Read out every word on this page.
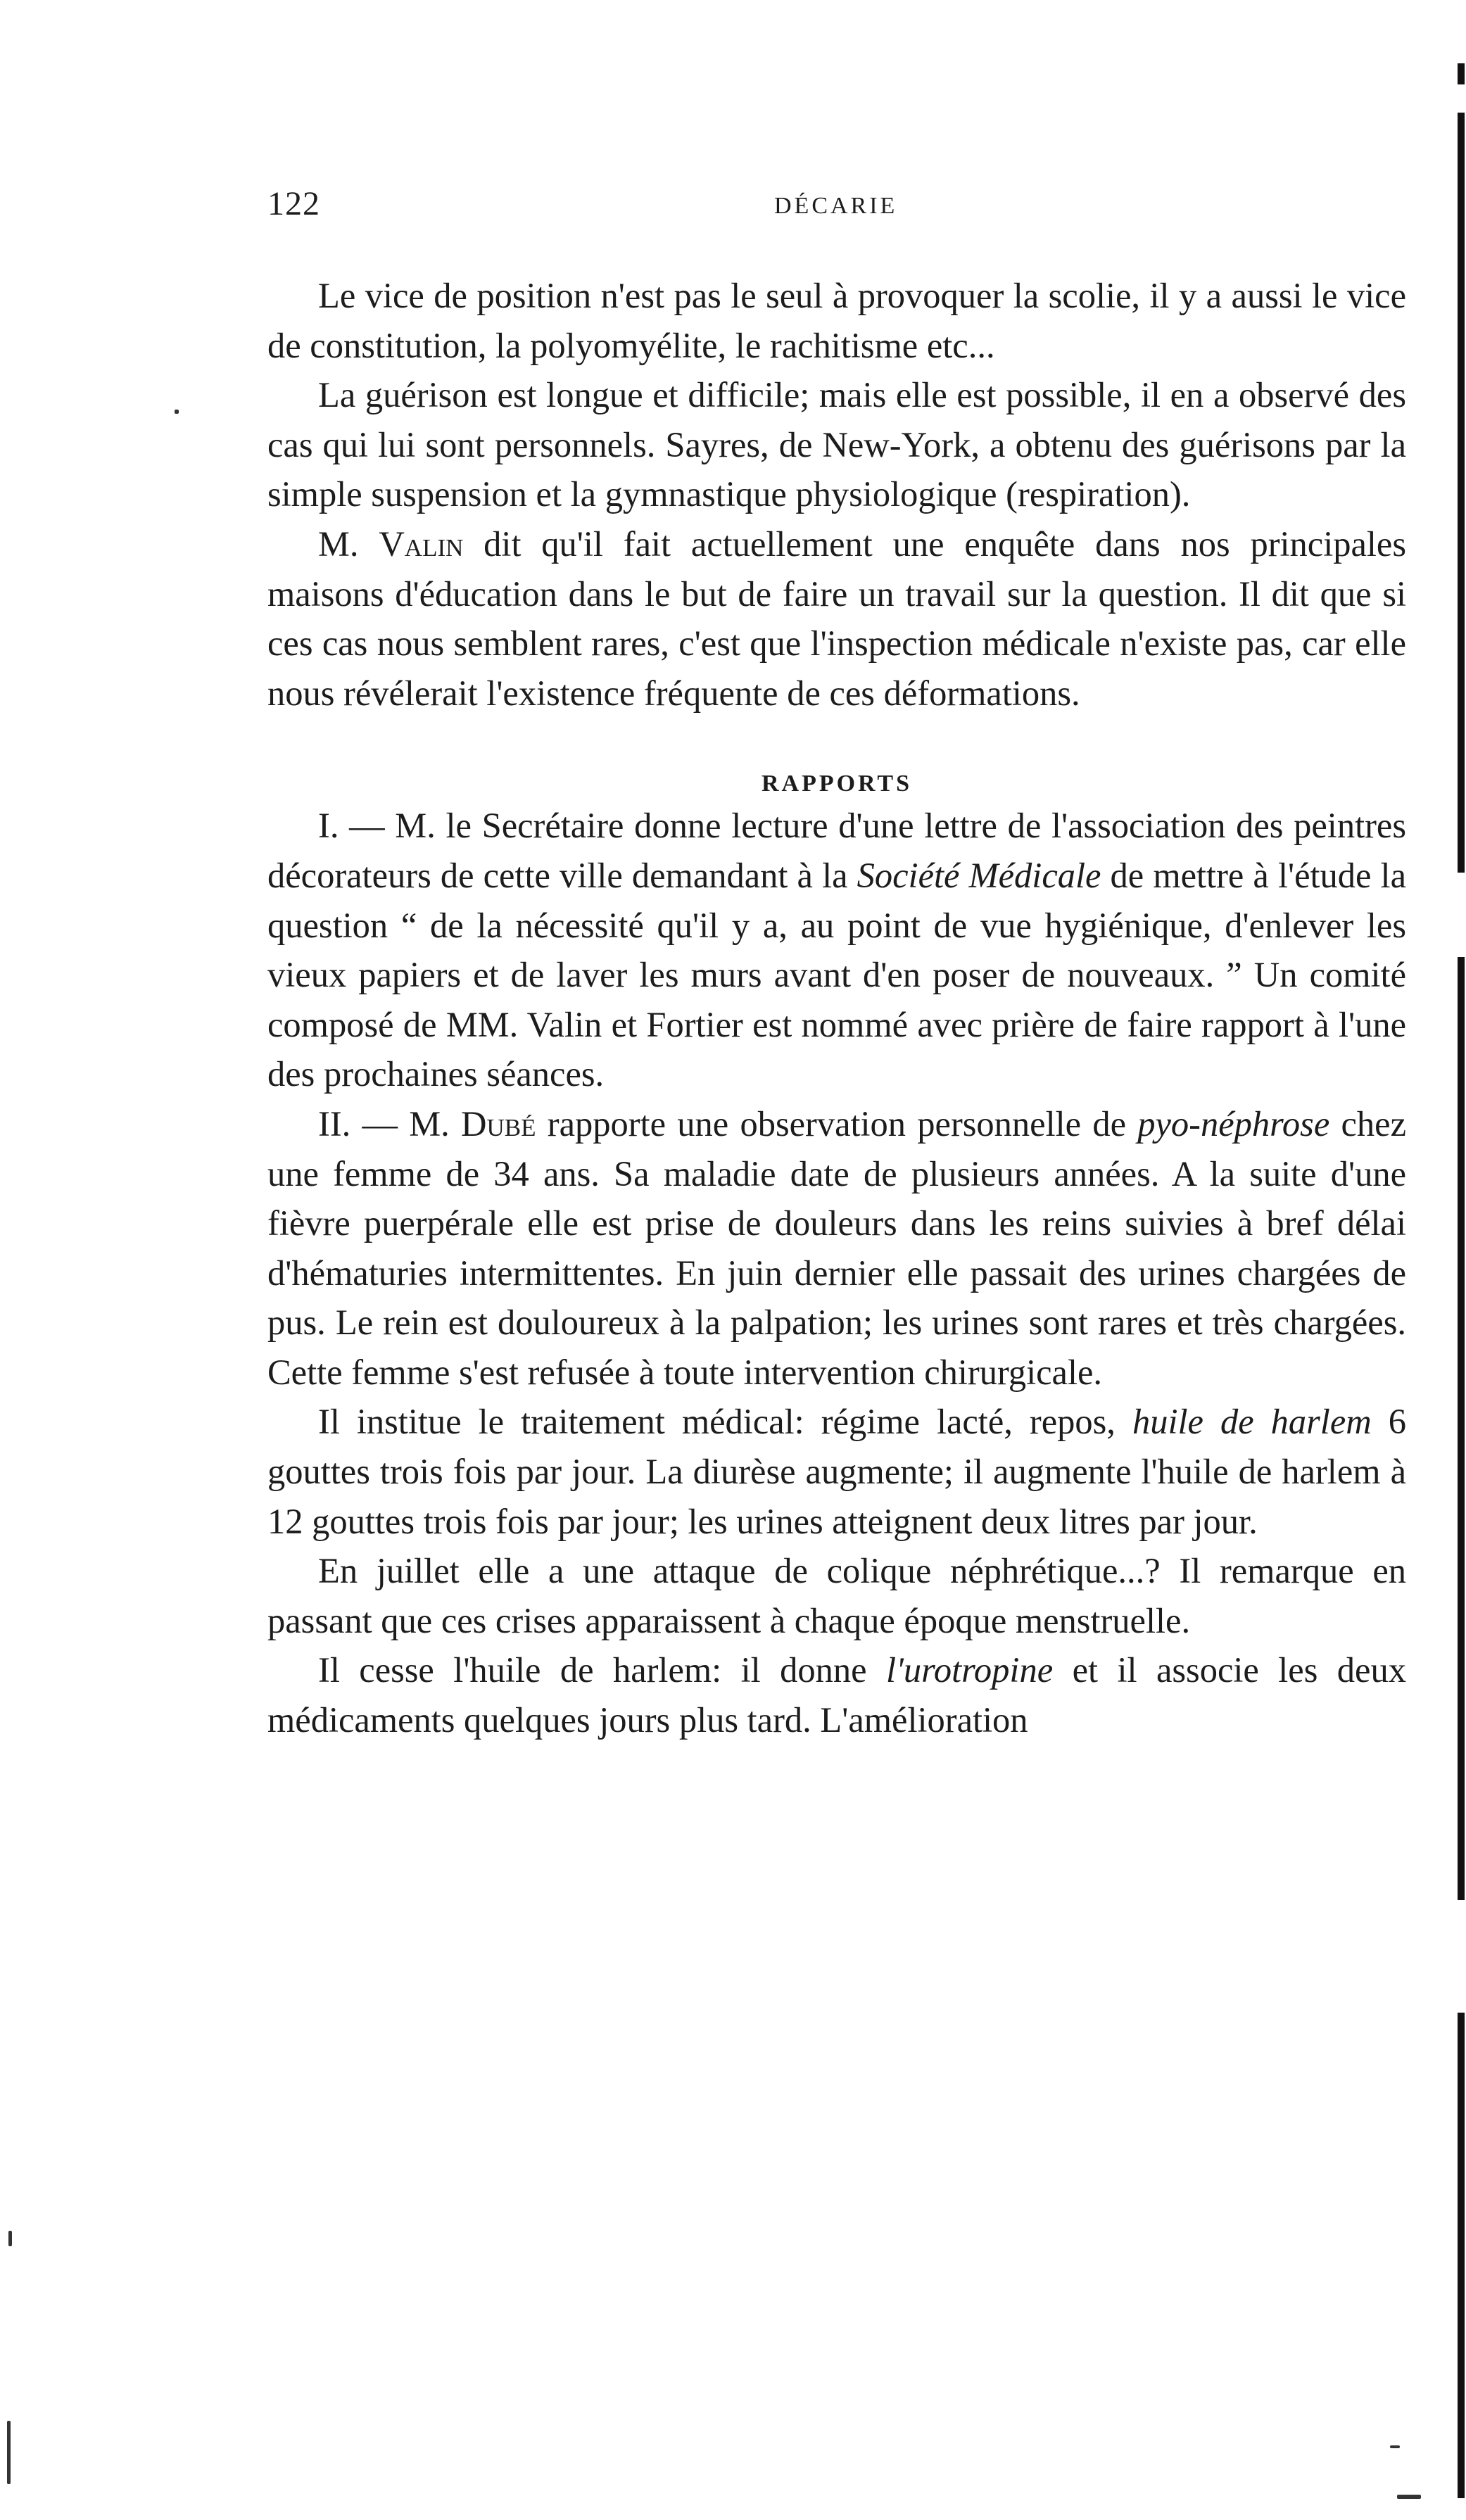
122	DÉCARIE

Le vice de position n'est pas le seul à provoquer la scolie, il y a aussi le vice de constitution, la polyomyélite, le rachitisme etc...

La guérison est longue et difficile; mais elle est possible, il en a observé des cas qui lui sont personnels. Sayres, de New-York, a obtenu des guérisons par la simple suspension et la gymnastique physiologique (respiration).

M. Valin dit qu'il fait actuellement une enquête dans nos principales maisons d'éducation dans le but de faire un travail sur la question. Il dit que si ces cas nous semblent rares, c'est que l'inspection médicale n'existe pas, car elle nous révélerait l'existence fréquente de ces déformations.

RAPPORTS

I. — M. le Secrétaire donne lecture d'une lettre de l'association des peintres décorateurs de cette ville demandant à la Société Médicale de mettre à l'étude la question “ de la nécessité qu'il y a, au point de vue hygiénique, d'enlever les vieux papiers et de laver les murs avant d'en poser de nouveaux. ” Un comité composé de MM. Valin et Fortier est nommé avec prière de faire rapport à l'une des prochaines séances.

II. — M. Dubé rapporte une observation personnelle de pyo-néphrose chez une femme de 34 ans. Sa maladie date de plusieurs années. A la suite d'une fièvre puerpérale elle est prise de douleurs dans les reins suivies à bref délai d'hématuries intermittentes. En juin dernier elle passait des urines chargées de pus. Le rein est douloureux à la palpation; les urines sont rares et très chargées. Cette femme s'est refusée à toute intervention chirurgicale.

Il institue le traitement médical: régime lacté, repos, huile de harlem 6 gouttes trois fois par jour. La diurèse augmente; il augmente l'huile de harlem à 12 gouttes trois fois par jour; les urines atteignent deux litres par jour.

En juillet elle a une attaque de colique néphrétique...? Il remarque en passant que ces crises apparaissent à chaque époque menstruelle.

Il cesse l'huile de harlem: il donne l'urotropine et il associe les deux médicaments quelques jours plus tard. L'amélioration
